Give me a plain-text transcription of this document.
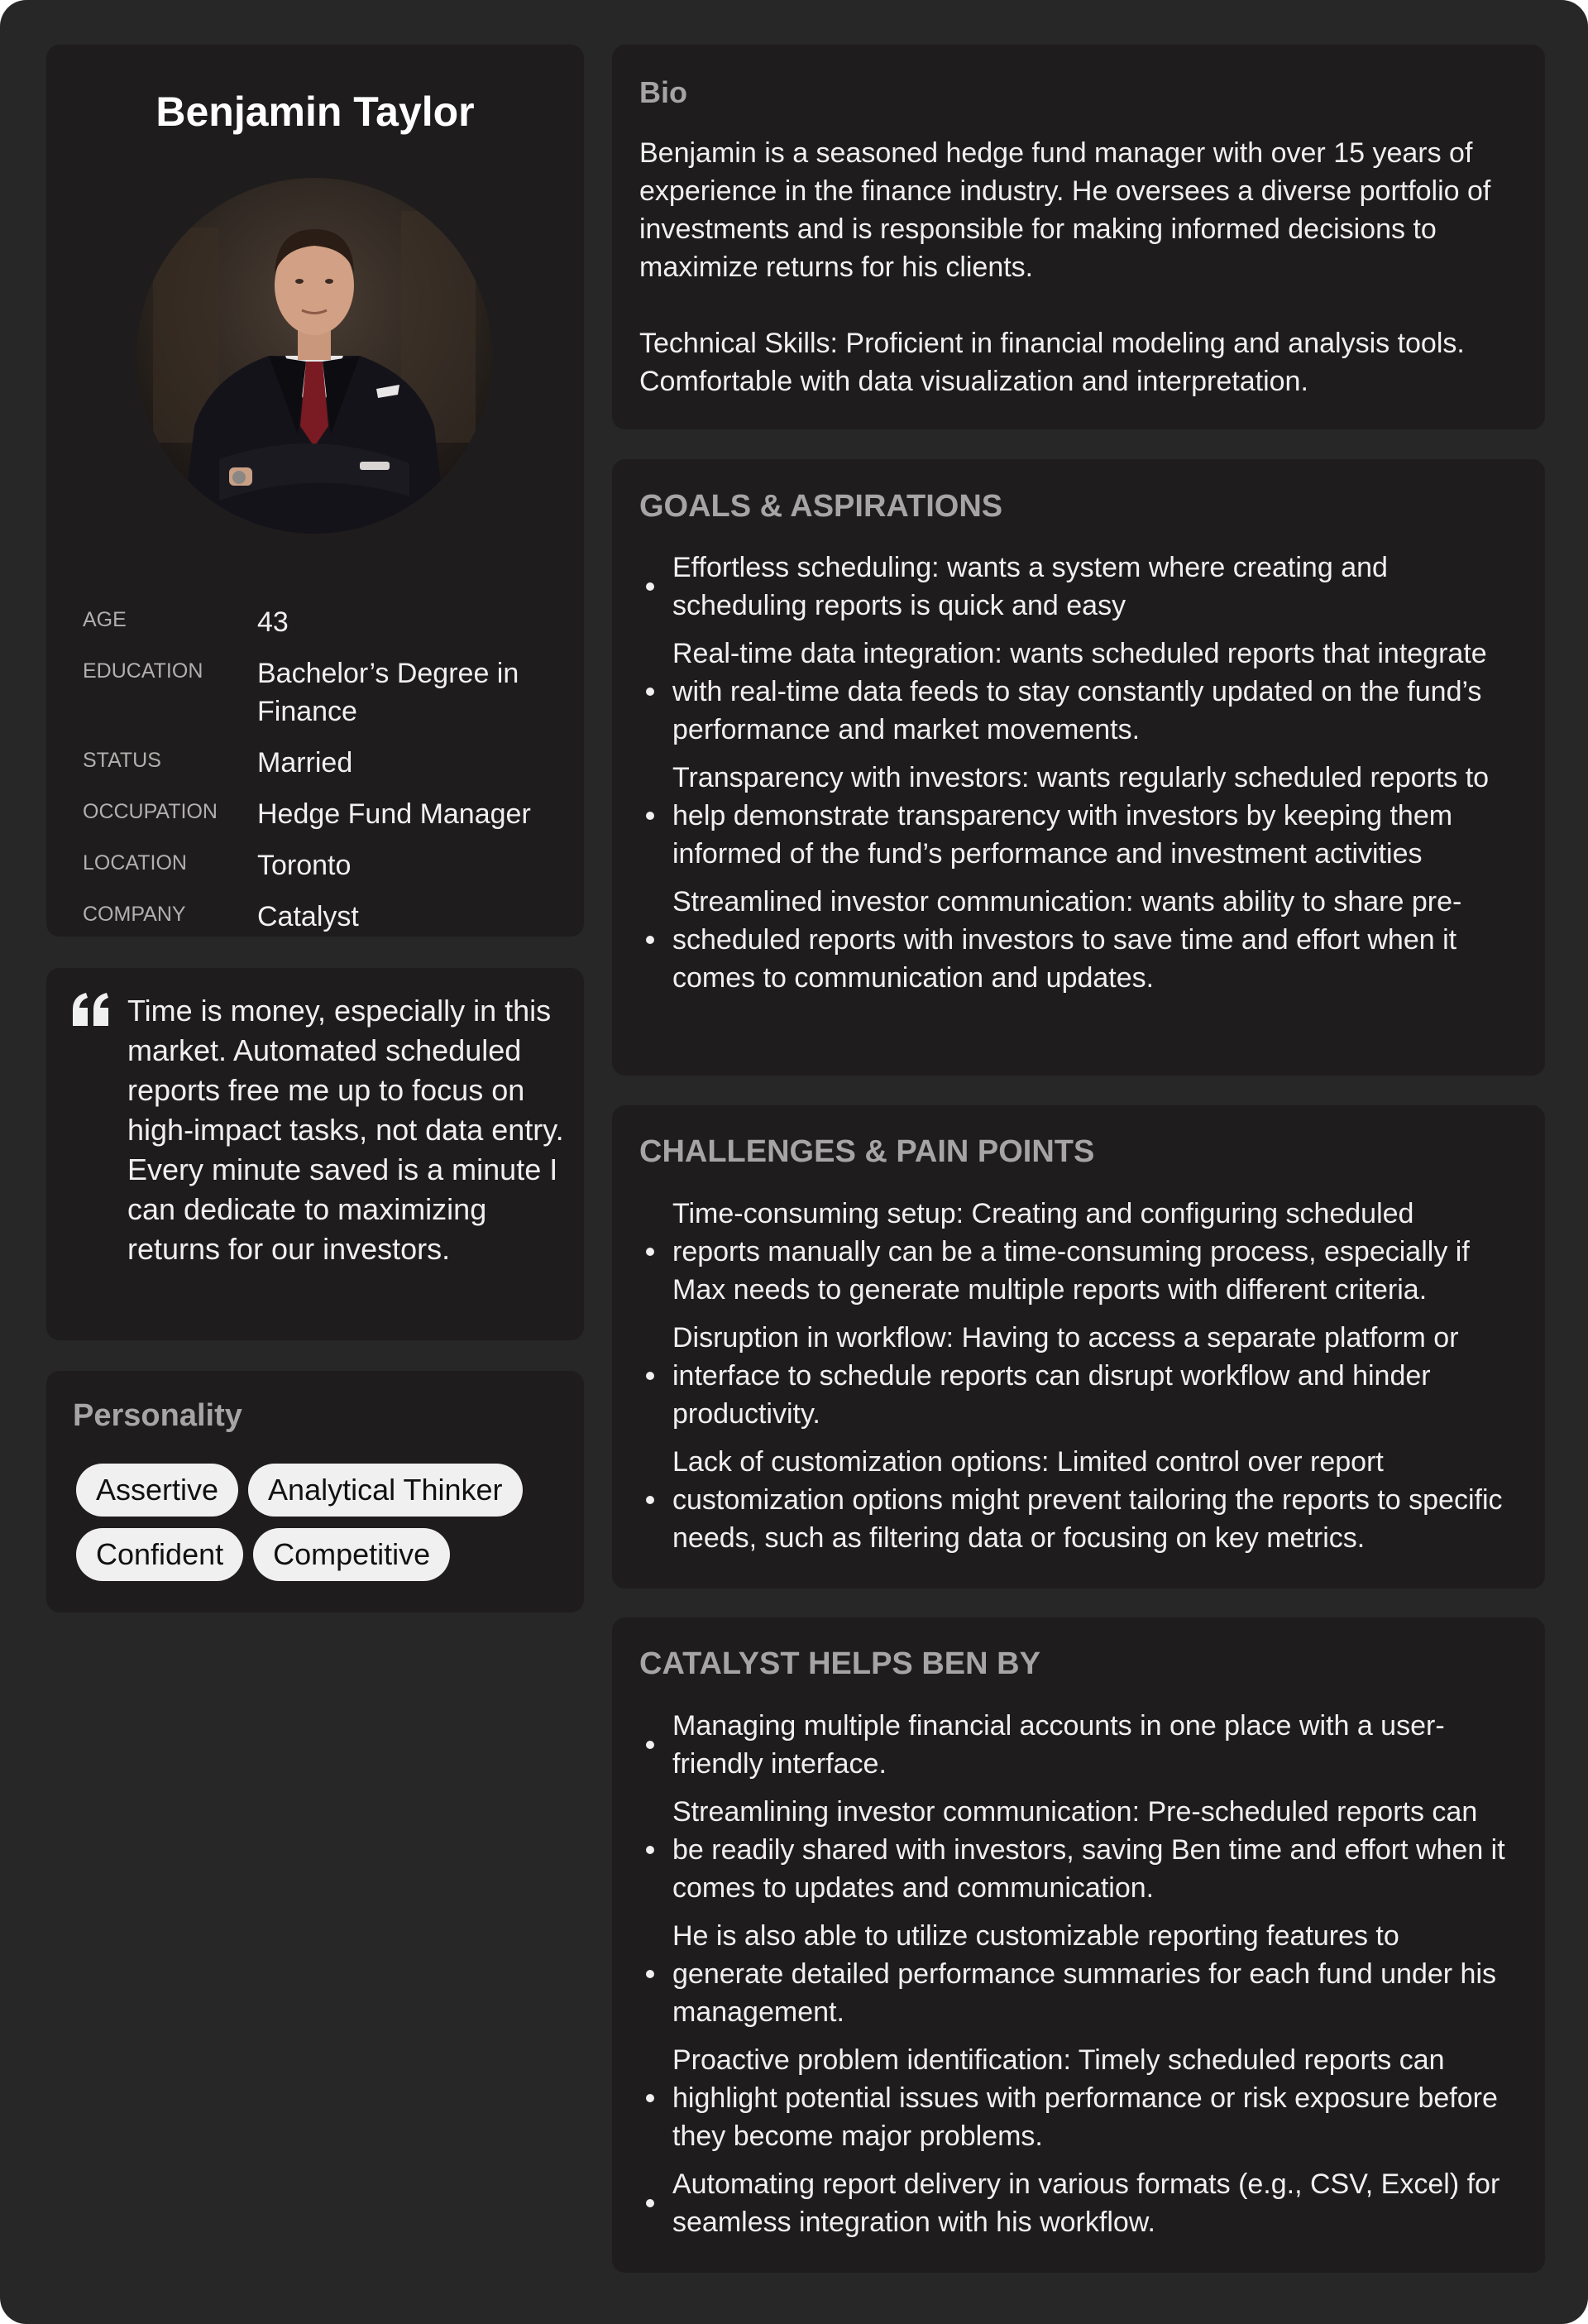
Benjamin Taylor
AGE	43
EDUCATION	Bachelor’s Degree in Finance
STATUS	Married
OCCUPATION	Hedge Fund Manager
LOCATION	Toronto
COMPANY	Catalyst
Time is money, especially in this market. Automated scheduled reports free me up to focus on high-impact tasks, not data entry. Every minute saved is a minute I can dedicate to maximizing returns for our investors.
Personality
Assertive	Analytical Thinker
Confident	Competitive
Bio

Benjamin is a seasoned hedge fund manager with over 15 years of experience in the finance industry. He oversees a diverse portfolio of investments and is responsible for making informed decisions to maximize returns for his clients.

Technical Skills: Proficient in financial modeling and analysis tools. Comfortable with data visualization and interpretation.

GOALS & ASPIRATIONS
Effortless scheduling: wants a system where creating and scheduling reports is quick and easy
Real-time data integration: wants scheduled reports that integrate with real-time data feeds to stay constantly updated on the fund’s performance and market movements.
Transparency with investors: wants regularly scheduled reports to help demonstrate transparency with investors by keeping them informed of the fund’s performance and investment activities
Streamlined investor communication: wants ability to share pre-scheduled reports with investors to save time and effort when it comes to communication and updates.
CHALLENGES & PAIN POINTS
Time-consuming setup: Creating and configuring scheduled reports manually can be a time-consuming process, especially if Max needs to generate multiple reports with different criteria.
Disruption in workflow: Having to access a separate platform or interface to schedule reports can disrupt workflow and hinder productivity.
Lack of customization options: Limited control over report customization options might prevent tailoring the reports to specific needs, such as filtering data or focusing on key metrics.
CATALYST HELPS BEN BY
Managing multiple financial accounts in one place with a user-friendly interface.
Streamlining investor communication: Pre-scheduled reports can be readily shared with investors, saving Ben time and effort when it comes to updates and communication.
He is also able to utilize customizable reporting features to generate detailed performance summaries for each fund under his management.
Proactive problem identification: Timely scheduled reports can highlight potential issues with performance or risk exposure before they become major problems.
Automating report delivery in various formats (e.g., CSV, Excel) for seamless integration with his workflow.
